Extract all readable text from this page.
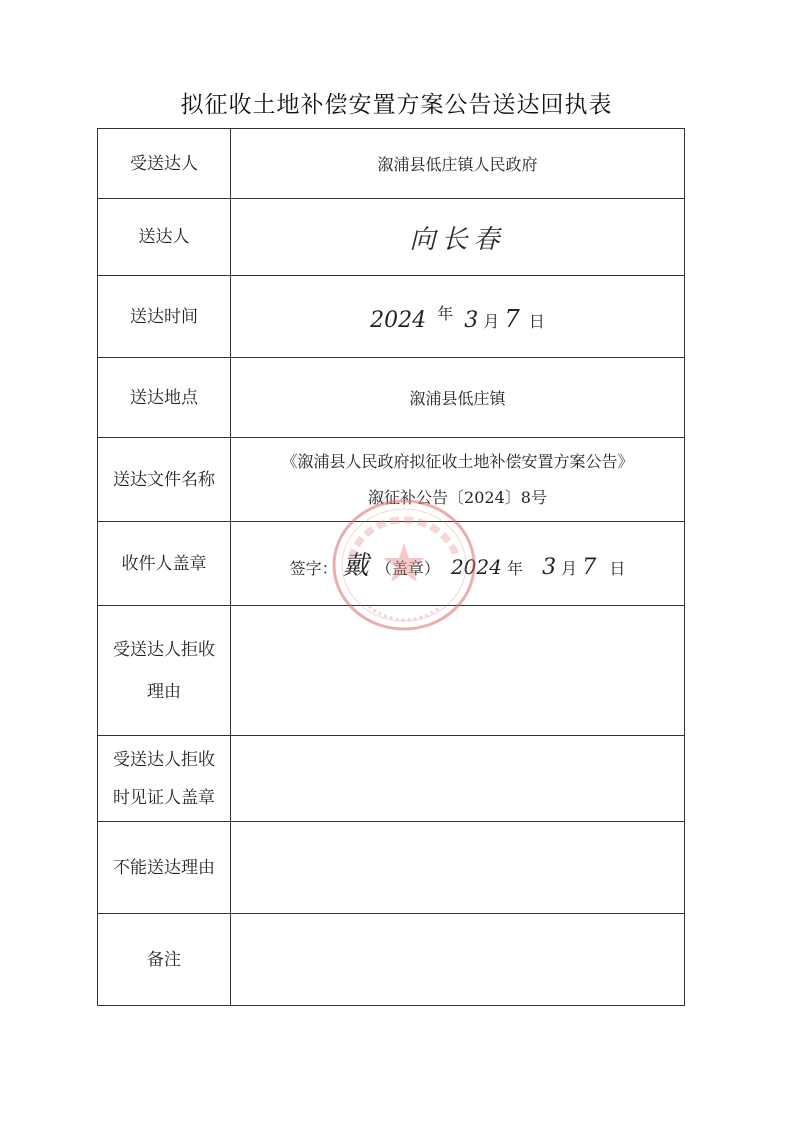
拟征收土地补偿安置方案公告送达回执表
受送达人	溆浦县低庄镇人民政府
送达人	向长春
送达时间	2024 年 3 月 7 日
送达地点	溆浦县低庄镇
送达文件名称	《溆浦县人民政府拟征收土地补偿安置方案公告》
溆征补公告〔2024〕8号

收件人盖章	签字： 戴 （盖章） 2024 年 3 月 7 日

受送达人拒收
理由	

受送达人拒收
时见证人盖章	

不能送达理由	
备注	
